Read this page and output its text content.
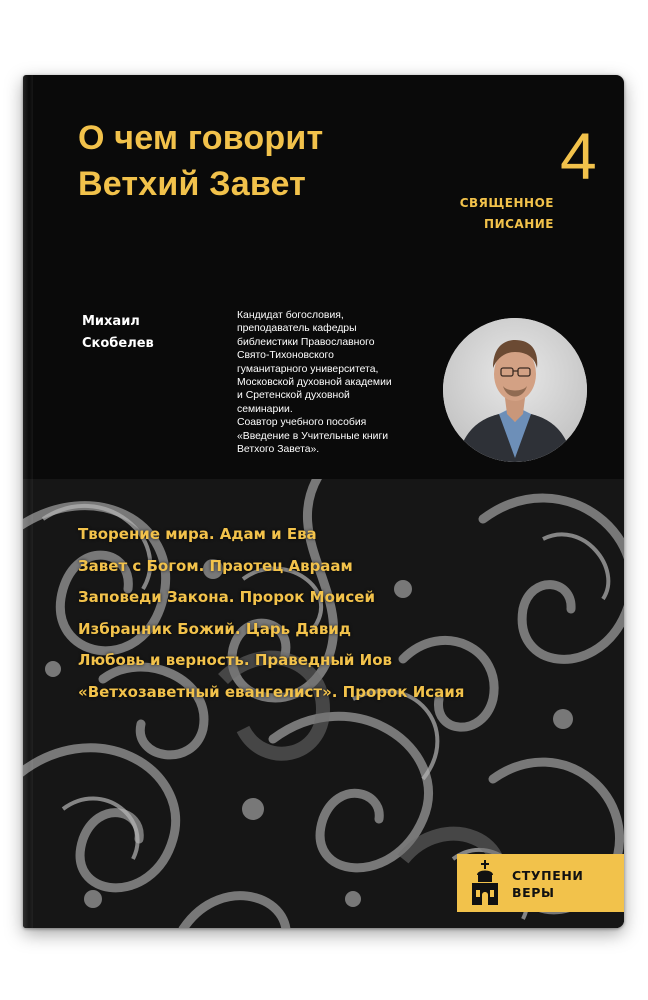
О чем говорит
Ветхий Завет	4
СВЯЩЕННОЕ
ПИСАНИЕ
Михаил
Скобелев
Кандидат богословия,
преподаватель кафедры
библеистики Православного
Свято-Тихоновского
гуманитарного университета,
Московской духовной академии
и Сретенской духовной
семинарии.
Соавтор учебного пособия
«Введение в Учительные книги
Ветхого Завета».
Творение мира. Адам и Ева
Завет с Богом. Праотец Авраам
Заповеди Закона. Пророк Моисей
Избранник Божий. Царь Давид
Любовь и верность. Праведный Иов
«Ветхозаветный евангелист». Пророк Исаия
СТУПЕНИ
ВЕРЫ
